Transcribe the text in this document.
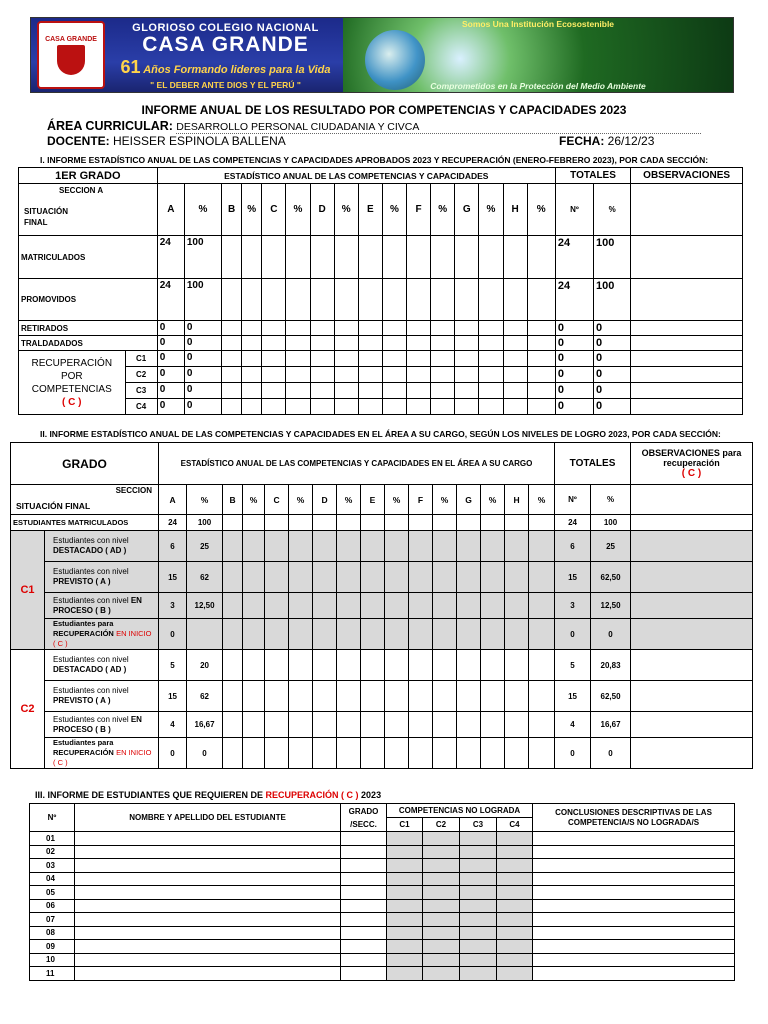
CASA GRANDE
GLORIOSO COLEGIO NACIONAL
CASA GRANDE
61 Años Formando lideres para la Vida
" EL DEBER ANTE DIOS Y EL PERÚ "
Somos Una Institución Ecosostenible
Comprometidos en la Protección del Medio Ambiente
INFORME ANUAL DE LOS RESULTADO POR COMPETENCIAS Y CAPACIDADES 2023
ÁREA CURRICULAR: DESARROLLO PERSONAL CIUDADANIA Y CIVCA
DOCENTE: HEISSER ESPINOLA BALLENA	FECHA: 26/12/23
I. INFORME ESTADÍSTICO ANUAL DE LAS COMPETENCIAS Y CAPACIDADES APROBADOS 2023 Y RECUPERACIÓN (ENERO-FEBRERO 2023), POR CADA SECCIÓN:
1ER GRADO		ESTADÍSTICO ANUAL DE LAS COMPETENCIAS Y CAPACIDADES																TOTALES		OBSERVACIONES

SECCION A
SITUACIÓN FINAL		A	%	B	%	C	%	D	%	E	%	F	%	G	%	H	%	Nº	%	
MATRICULADOS		24	100															24	100	
PROMOVIDOS		24	100															24	100	
RETIRADOS		0	0															0	0	
TRALDADADOS		0	0															0	0	
RECUPERACIÓN POR COMPETENCIAS
( C )	C1	0	0															0	0	
	C2	0	0															0	0	
	C3	0	0															0	0	
	C4	0	0															0	0	
II. INFORME ESTADÍSTICO ANUAL DE LAS COMPETENCIAS Y CAPACIDADES EN EL ÁREA A SU CARGO, SEGÚN LOS NIVELES DE LOGRO 2023, POR CADA SECCIÓN:
GRADO		ESTADÍSTICO ANUAL DE LAS COMPETENCIAS Y CAPACIDADES EN EL ÁREA A SU CARGO																TOTALES		OBSERVACIONES para recuperación
( C )

SECCION
SITUACIÓN FINAL		A	%	B	%	C	%	D	%	E	%	F	%	G	%	H	%	Nº	%	
ESTUDIANTES MATRICULADOS		24	100															24	100	
C1	Estudiantes con nivel DESTACADO ( AD )	6	25															6	25	
	Estudiantes con nivel PREVISTO ( A )	15	62															15	62,50	
	Estudiantes con nivel EN PROCESO ( B )	3	12,50															3	12,50	
	Estudiantes para RECUPERACIÓN EN INICIO ( C )	0																0	0	
C2	Estudiantes con nivel DESTACADO ( AD )	5	20															5	20,83	
	Estudiantes con nivel PREVISTO ( A )	15	62															15	62,50	
	Estudiantes con nivel EN PROCESO ( B )	4	16,67															4	16,67	
	Estudiantes para RECUPERACIÓN EN INICIO ( C )	0	0															0	0	
III. INFORME DE ESTUDIANTES QUE REQUIEREN DE RECUPERACIÓN ( C ) 2023
Nº	NOMBRE Y APELLIDO DEL ESTUDIANTE	GRADO /SECC.	COMPETENCIAS NO LOGRADA				CONCLUSIONES DESCRIPTIVAS DE LAS COMPETENCIA/S NO LOGRADA/S
			C1	C2	C3	C4	
01							
02							
03							
04							
05							
06							
07							
08							
09							
10							
11							
